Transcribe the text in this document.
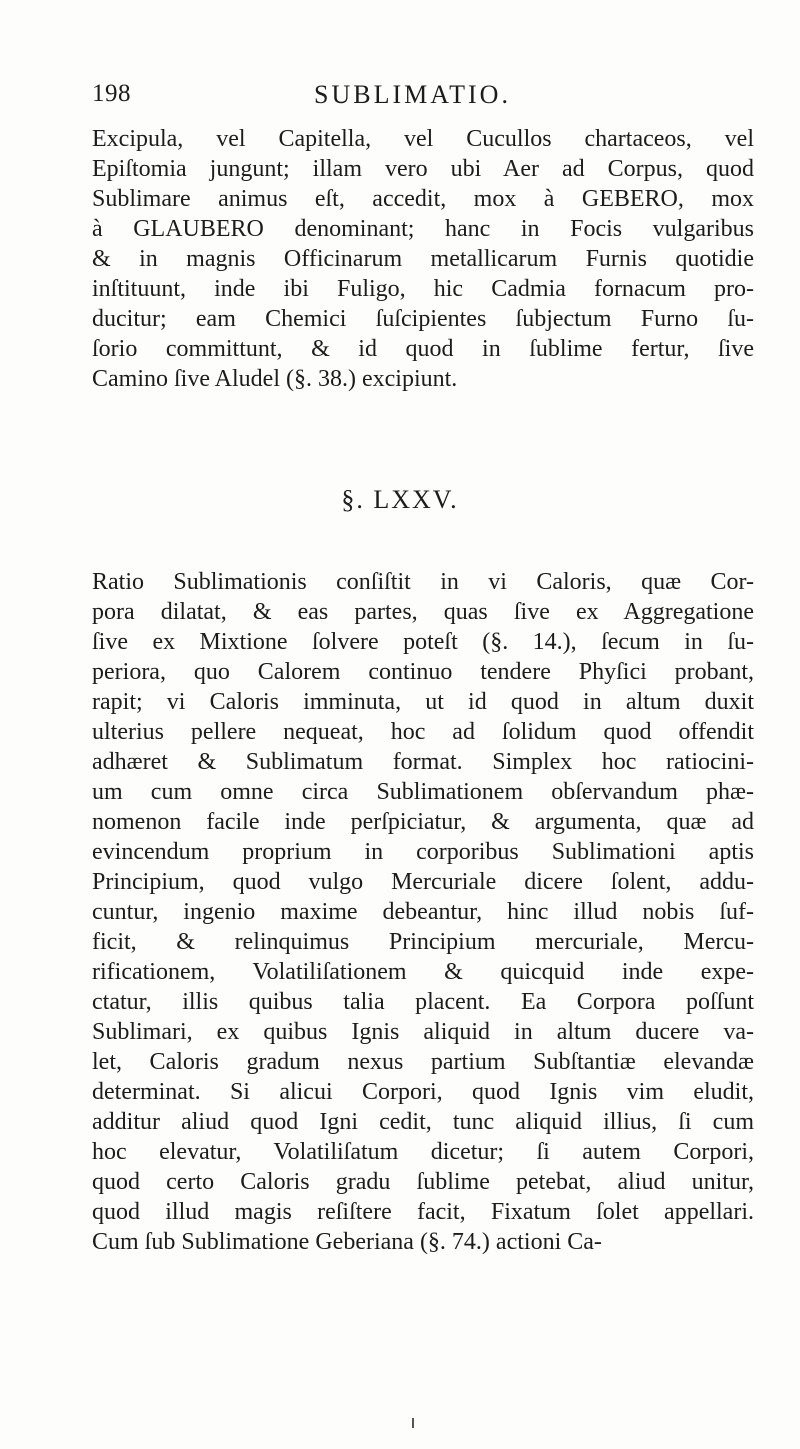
198	SUBLIMATIO.
Excipula, vel Capitella, vel Cucullos chartaceos, vel
Epiſtomia jungunt; illam vero ubi Aer ad Corpus, quod
Sublimare animus eſt, accedit, mox à GEBERO, mox
à GLAUBERO denominant; hanc in Focis vulgaribus
& in magnis Officinarum metallicarum Furnis quotidie
inſtituunt, inde ibi Fuligo, hic Cadmia fornacum pro-
ducitur; eam Chemici ſuſcipientes ſubjectum Furno ſu-
ſorio committunt, & id quod in ſublime fertur, ſive
Camino ſive Aludel (§. 38.) excipiunt.
§. LXXV.
Ratio Sublimationis conſiſtit in vi Caloris, quæ Cor-
pora dilatat, & eas partes, quas ſive ex Aggregatione
ſive ex Mixtione ſolvere poteſt (§. 14.), ſecum in ſu-
periora, quo Calorem continuo tendere Phyſici probant,
rapit; vi Caloris imminuta, ut id quod in altum duxit
ulterius pellere nequeat, hoc ad ſolidum quod offendit
adhæret & Sublimatum format. Simplex hoc ratiocini-
um cum omne circa Sublimationem obſervandum phæ-
nomenon facile inde perſpiciatur, & argumenta, quæ ad
evincendum proprium in corporibus Sublimationi aptis
Principium, quod vulgo Mercuriale dicere ſolent, addu-
cuntur, ingenio maxime debeantur, hinc illud nobis ſuf-
ficit, & relinquimus Principium mercuriale, Mercu-
rificationem, Volatiliſationem & quicquid inde expe-
ctatur, illis quibus talia placent. Ea Corpora poſſunt
Sublimari, ex quibus Ignis aliquid in altum ducere va-
let, Caloris gradum nexus partium Subſtantiæ elevandæ
determinat. Si alicui Corpori, quod Ignis vim eludit,
additur aliud quod Igni cedit, tunc aliquid illius, ſi cum
hoc elevatur, Volatiliſatum dicetur; ſi autem Corpori,
quod certo Caloris gradu ſublime petebat, aliud unitur,
quod illud magis reſiſtere facit, Fixatum ſolet appellari.
Cum ſub Sublimatione Geberiana (§. 74.) actioni Ca-
